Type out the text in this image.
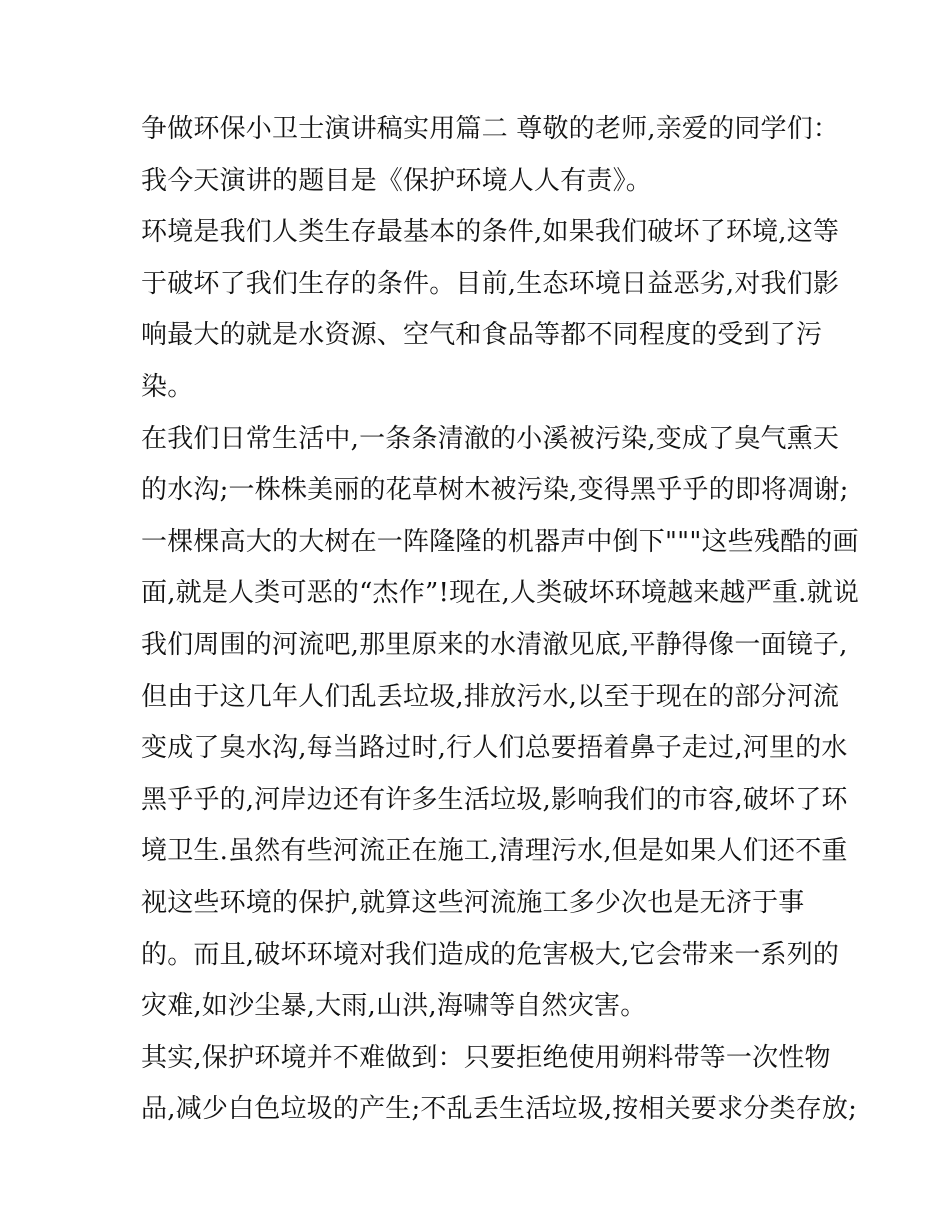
争做环保小卫士演讲稿实用篇二 尊敬的老师,亲爱的同学们：
我今天演讲的题目是《保护环境人人有责》。
环境是我们人类生存最基本的条件,如果我们破坏了环境,这等
于破坏了我们生存的条件。目前,生态环境日益恶劣,对我们影
响最大的就是水资源、空气和食品等都不同程度的受到了污
染。
在我们日常生活中,一条条清澈的小溪被污染,变成了臭气熏天
的水沟;一株株美丽的花草树木被污染,变得黑乎乎的即将凋谢;
一棵棵高大的大树在一阵隆隆的机器声中倒下"""这些残酷的画
面,就是人类可恶的“杰作”!现在,人类破坏环境越来越严重.就说
我们周围的河流吧,那里原来的水清澈见底,平静得像一面镜子,
但由于这几年人们乱丢垃圾,排放污水,以至于现在的部分河流
变成了臭水沟,每当路过时,行人们总要捂着鼻子走过,河里的水
黑乎乎的,河岸边还有许多生活垃圾,影响我们的市容,破坏了环
境卫生.虽然有些河流正在施工,清理污水,但是如果人们还不重
视这些环境的保护,就算这些河流施工多少次也是无济于事
的。而且,破坏环境对我们造成的危害极大,它会带来一系列的
灾难,如沙尘暴,大雨,山洪,海啸等自然灾害。
其实,保护环境并不难做到：只要拒绝使用朔料带等一次性物
品,减少白色垃圾的产生;不乱丢生活垃圾,按相关要求分类存放;
